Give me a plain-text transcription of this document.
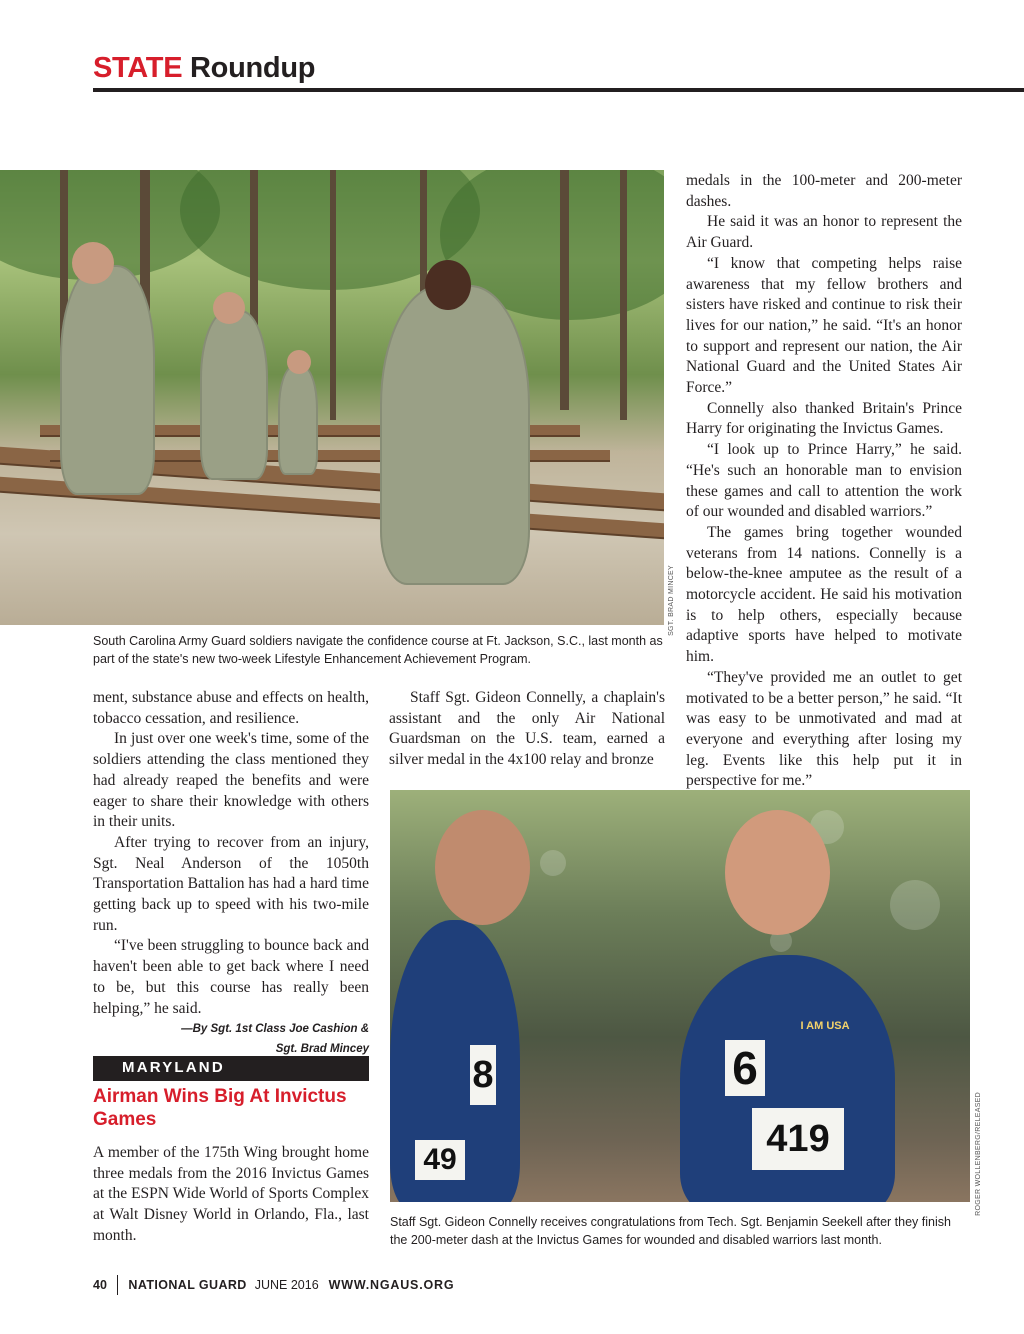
STATE Roundup
SGT. BRAD MINCEY
South Carolina Army Guard soldiers navigate the confidence course at Ft. Jackson, S.C., last month as part of the state's new two-week Lifestyle Enhancement Achievement Program.

ment, substance abuse and effects on health, tobacco cessation, and resilience.

In just over one week's time, some of the soldiers attending the class mentioned they had already reaped the benefits and were eager to share their knowledge with others in their units.

After trying to recover from an injury, Sgt. Neal Anderson of the 1050th Transportation Battalion has had a hard time getting back up to speed with his two-mile run.

“I've been struggling to bounce back and haven't been able to get back where I need to be, but this course has really been helping,” he said.

—By Sgt. 1st Class Joe Cashion &
Sgt. Brad Mincey
MARYLAND
Airman Wins Big At Invictus Games
A member of the 175th Wing brought home three medals from the 2016 Invictus Games at the ESPN Wide World of Sports Complex at Walt Disney World in Orlando, Fla., last month.

Staff Sgt. Gideon Connelly, a chaplain's assistant and the only Air National Guardsman on the U.S. team, earned a silver medal in the 4x100 relay and bronze

medals in the 100-meter and 200-meter dashes.

He said it was an honor to represent the Air Guard.

“I know that competing helps raise awareness that my fellow brothers and sisters have risked and continue to risk their lives for our nation,” he said. “It's an honor to support and represent our nation, the Air National Guard and the United States Air Force.”

Connelly also thanked Britain's Prince Harry for originating the Invictus Games.

“I look up to Prince Harry,” he said. “He's such an honorable man to envision these games and call to attention the work of our wounded and disabled warriors.”

The games bring together wounded veterans from 14 nations. Connelly is a below-the-knee amputee as the result of a motorcycle accident. He said his motivation is to help others, especially because adaptive sports have helped to motivate him.

“They've provided me an outlet to get motivated to be a better person,” he said. “It was easy to be unmotivated and mad at everyone and everything after losing my leg. Events like this help put it in perspective for me.”

8	6
419
49
I AM USA
ROGER WOLLENBERG/RELEASED
Staff Sgt. Gideon Connelly receives congratulations from Tech. Sgt. Benjamin Seekell after they finish the 200-meter dash at the Invictus Games for wounded and disabled warriors last month.
40 NATIONAL GUARD JUNE 2016 WWW.NGAUS.ORG
